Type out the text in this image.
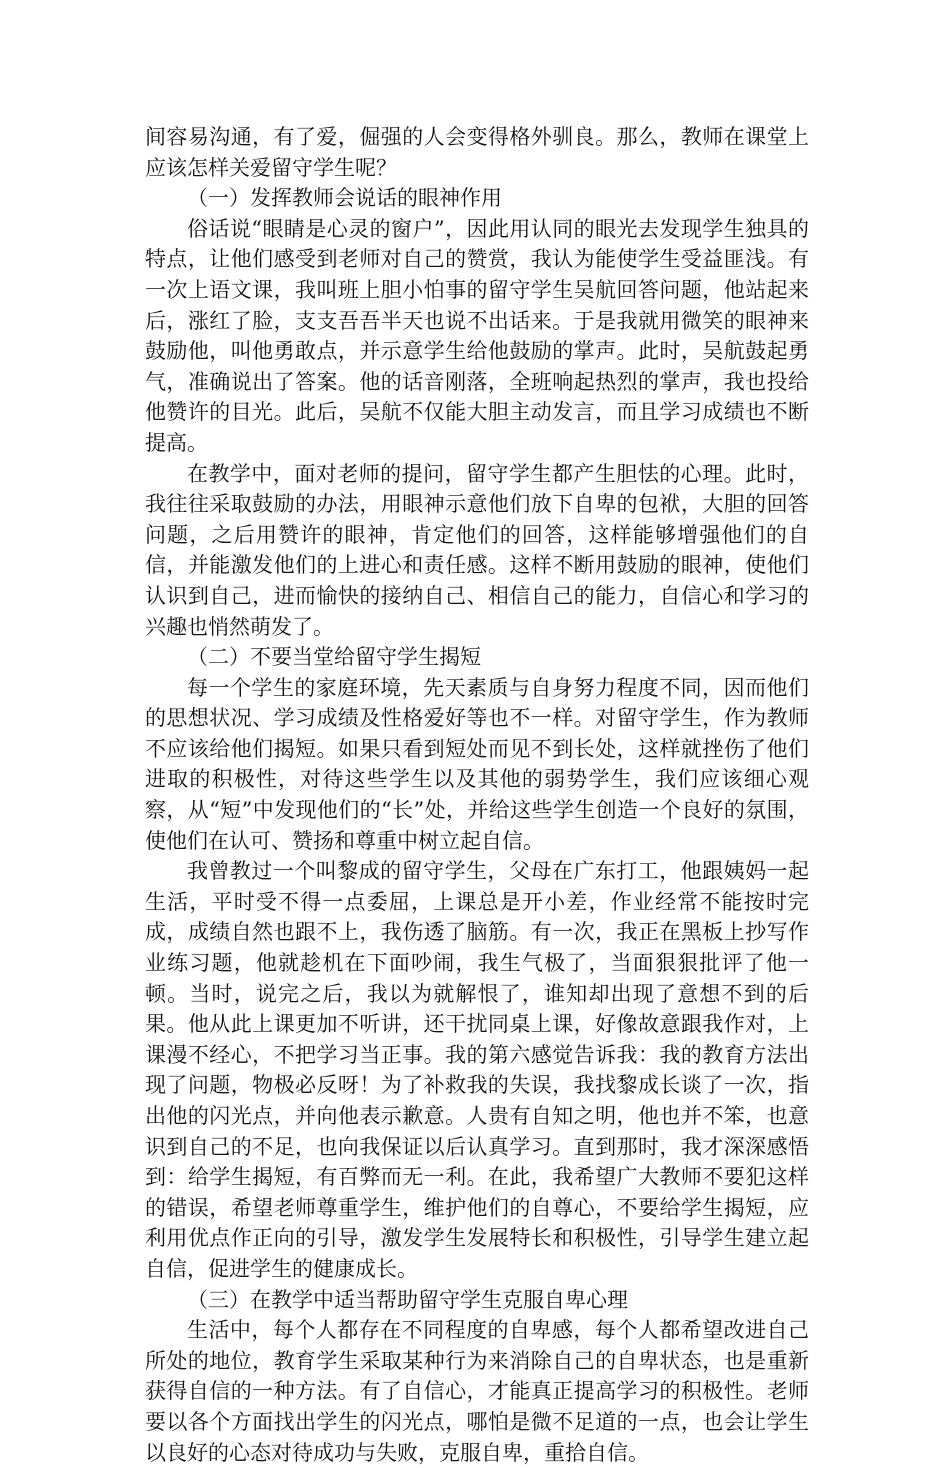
间容易沟通，有了爱，倔强的人会变得格外驯良。那么，教师在课堂上应该怎样关爱留守学生呢？

（一）发挥教师会说话的眼神作用

俗话说“眼睛是心灵的窗户”，因此用认同的眼光去发现学生独具的特点，让他们感受到老师对自己的赞赏，我认为能使学生受益匪浅。有一次上语文课，我叫班上胆小怕事的留守学生吴航回答问题，他站起来后，涨红了脸，支支吾吾半天也说不出话来。于是我就用微笑的眼神来鼓励他，叫他勇敢点，并示意学生给他鼓励的掌声。此时，吴航鼓起勇气，准确说出了答案。他的话音刚落，全班响起热烈的掌声，我也投给他赞许的目光。此后，吴航不仅能大胆主动发言，而且学习成绩也不断提高。

在教学中，面对老师的提问，留守学生都产生胆怯的心理。此时，我往往采取鼓励的办法，用眼神示意他们放下自卑的包袱，大胆的回答问题，之后用赞许的眼神，肯定他们的回答，这样能够增强他们的自信，并能激发他们的上进心和责任感。这样不断用鼓励的眼神，使他们认识到自己，进而愉快的接纳自己、相信自己的能力，自信心和学习的兴趣也悄然萌发了。

（二）不要当堂给留守学生揭短

每一个学生的家庭环境，先天素质与自身努力程度不同，因而他们的思想状况、学习成绩及性格爱好等也不一样。对留守学生，作为教师不应该给他们揭短。如果只看到短处而见不到长处，这样就挫伤了他们进取的积极性，对待这些学生以及其他的弱势学生，我们应该细心观察，从“短”中发现他们的“长”处，并给这些学生创造一个良好的氛围，使他们在认可、赞扬和尊重中树立起自信。

我曾教过一个叫黎成的留守学生，父母在广东打工，他跟姨妈一起生活，平时受不得一点委屈，上课总是开小差，作业经常不能按时完成，成绩自然也跟不上，我伤透了脑筋。有一次，我正在黑板上抄写作业练习题，他就趁机在下面吵闹，我生气极了，当面狠狠批评了他一顿。当时，说完之后，我以为就解恨了，谁知却出现了意想不到的后果。他从此上课更加不听讲，还干扰同桌上课，好像故意跟我作对，上课漫不经心，不把学习当正事。我的第六感觉告诉我：我的教育方法出现了问题，物极必反呀！为了补救我的失误，我找黎成长谈了一次，指出他的闪光点，并向他表示歉意。人贵有自知之明，他也并不笨，也意识到自己的不足，也向我保证以后认真学习。直到那时，我才深深感悟到：给学生揭短，有百弊而无一利。在此，我希望广大教师不要犯这样的错误，希望老师尊重学生，维护他们的自尊心，不要给学生揭短，应利用优点作正向的引导，激发学生发展特长和积极性，引导学生建立起自信，促进学生的健康成长。

（三）在教学中适当帮助留守学生克服自卑心理

生活中，每个人都存在不同程度的自卑感，每个人都希望改进自己所处的地位，教育学生采取某种行为来消除自己的自卑状态，也是重新获得自信的一种方法。有了自信心，才能真正提高学习的积极性。老师要以各个方面找出学生的闪光点，哪怕是微不足道的一点，也会让学生以良好的心态对待成功与失败，克服自卑，重拾自信。
